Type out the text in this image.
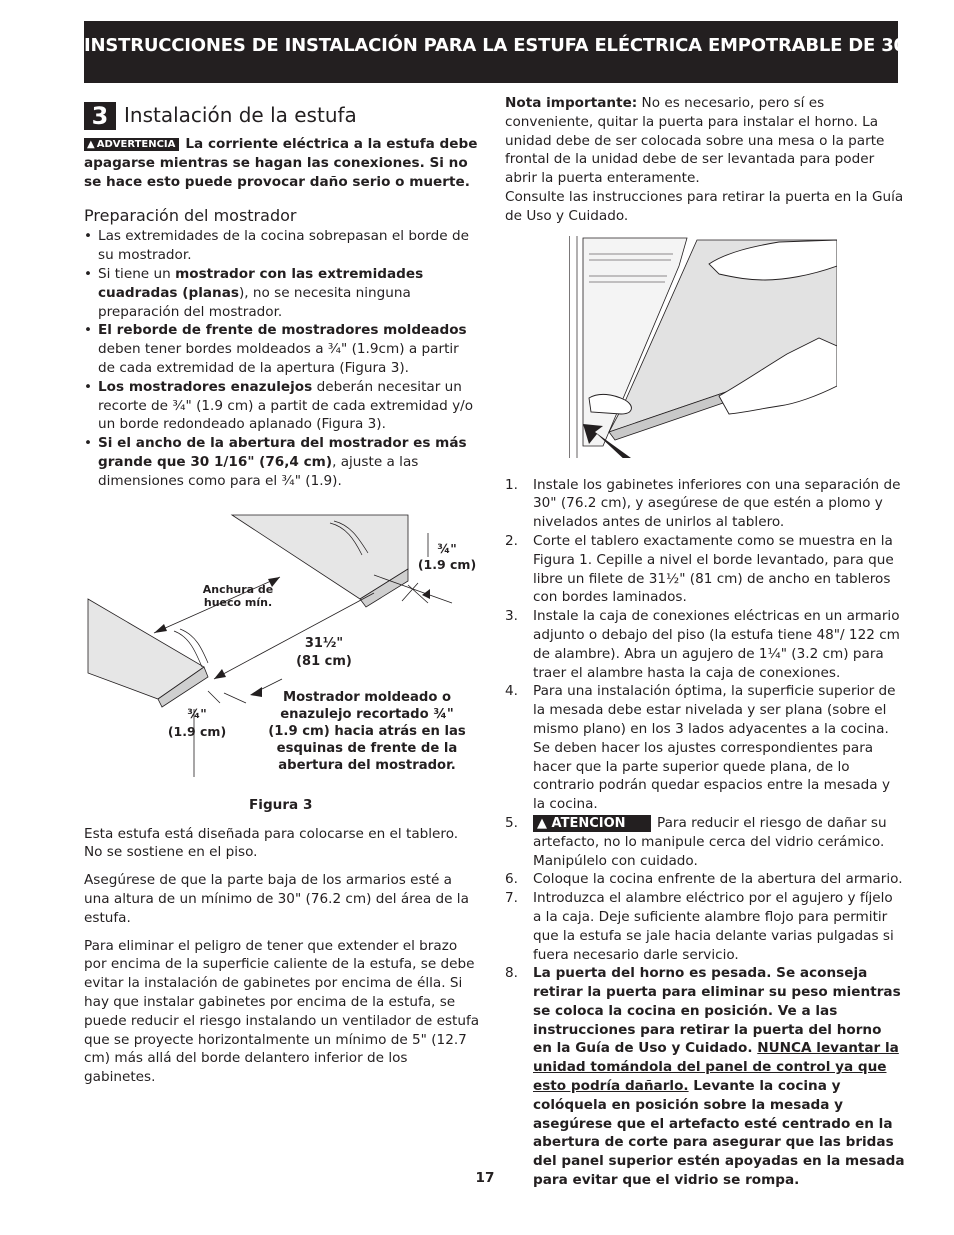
INSTRUCCIONES DE INSTALACIÓN PARA LA ESTUFA ELÉCTRICA EMPOTRABLE DE 30"
3 Instalación de la estufa
▲ ADVERTENCIA La corriente eléctrica a la estufa debe apagarse mientras se hagan las conexiones. Si no se hace esto puede provocar daño serio o muerte.
Preparación del mostrador
• Las extremidades de la cocina sobrepasan el borde de su mostrador.
• Si tiene un mostrador con las extremidades cuadradas (planas), no se necesita ninguna preparación del mostrador.
• El reborde de frente de mostradores moldeados deben tener bordes moldeados a ¾" (1.9cm) a partir de cada extremidad de la apertura (Figura 3).
• Los mostradores enazulejos deberán necesitar un recorte de ¾" (1.9 cm) a partit de cada extremidad y/o un borde redondeado aplanado (Figura 3).
• Si el ancho de la abertura del mostrador es más grande que 30 1/16" (76,4 cm), ajuste a las dimensiones como para el ¾" (1.9).
Anchura de
hueco mín.
¾"
(1.9 cm)
31½"
(81 cm)
¾"
(1.9 cm)
Mostrador moldeado o
enazulejo recortado ¾"
(1.9 cm) hacia atrás en las
esquinas de frente de la
abertura del mostrador.
Figura 3
Esta estufa está diseñada para colocarse en el tablero. No se sostiene en el piso.
Asegúrese de que la parte baja de los armarios esté a una altura de un mínimo de 30" (76.2 cm) del área de la estufa.
Para eliminar el peligro de tener que extender el brazo por encima de la superficie caliente de la estufa, se debe evitar la instalación de gabinetes por encima de élla. Si hay que instalar gabinetes por encima de la estufa, se puede reducir el riesgo instalando un ventilador de estufa que se proyecte horizontalmente un mínimo de 5" (12.7 cm) más allá del borde delantero inferior de los gabinetes.
Nota importante: No es necesario, pero sí es conveniente, quitar la puerta para instalar el horno. La unidad debe de ser colocada sobre una mesa o la parte frontal de la unidad debe de ser levantada para poder abrir la puerta enteramente.
Consulte las instrucciones para retirar la puerta en la Guía de Uso y Cuidado.
1. Instale los gabinetes inferiores con una separación de 30" (76.2 cm), y asegúrese de que estén a plomo y nivelados antes de unirlos al tablero.
2. Corte el tablero exactamente como se muestra en la Figura 1. Cepille a nivel el borde levantado, para que libre un filete de 31½" (81 cm) de ancho en tableros con bordes laminados.
3. Instale la caja de conexiones eléctricas en un armario adjunto o debajo del piso (la estufa tiene 48"/ 122 cm de alambre). Abra un agujero de 1¼" (3.2 cm) para traer el alambre hasta la caja de conexiones.
4. Para una instalación óptima, la superficie superior de la mesada debe estar nivelada y ser plana (sobre el mismo plano) en los 3 lados adyacentes a la cocina. Se deben hacer los ajustes correspondientes para hacer que la parte superior quede plana, de lo contrario podrán quedar espacios entre la mesada y la cocina.
5. ▲ ATENCION Para reducir el riesgo de dañar su artefacto, no lo manipule cerca del vidrio cerámico. Manipúlelo con cuidado.
6. Coloque la cocina enfrente de la abertura del armario.
7. Introduzca el alambre eléctrico por el agujero y fíjelo a la caja. Deje suficiente alambre flojo para permitir que la estufa se jale hacia delante varias pulgadas si fuera necesario darle servicio.
8. La puerta del horno es pesada. Se aconseja retirar la puerta para eliminar su peso mientras se coloca la cocina en posición. Ve a las instrucciones para retirar la puerta del horno en la Guía de Uso y Cuidado. NUNCA levantar la unidad tomándola del panel de control ya que esto podría dañarlo. Levante la cocina y colóquela en posición sobre la mesada y asegúrese que el artefacto esté centrado en la abertura de corte para asegurar que las bridas del panel superior estén apoyadas en la mesada para evitar que el vidrio se rompa.
17
